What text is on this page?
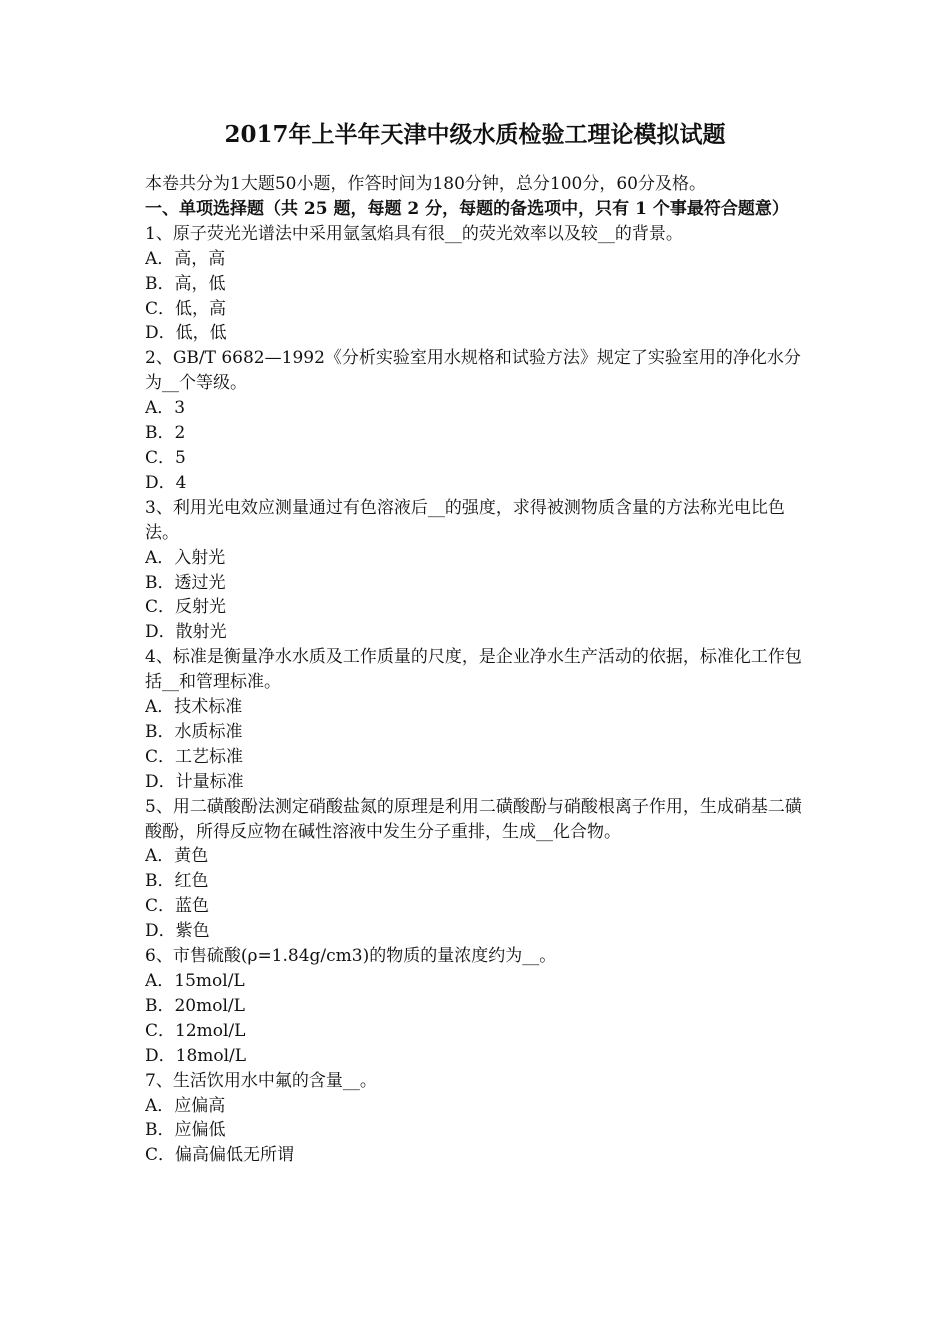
2017年上半年天津中级水质检验工理论模拟试题

本卷共分为1大题50小题，作答时间为180分钟，总分100分，60分及格。

一、单项选择题（共 25 题，每题 2 分，每题的备选项中，只有 1 个事最符合题意）

1、原子荧光光谱法中采用氩氢焰具有很__的荧光效率以及较__的背景。

A．高，高

B．高，低

C．低，高

D．低，低

2、GB/T 6682—1992《分析实验室用水规格和试验方法》规定了实验室用的净化水分为__个等级。

A．3

B．2

C．5

D．4

3、利用光电效应测量通过有色溶液后__的强度，求得被测物质含量的方法称光电比色法。

A．入射光

B．透过光

C．反射光

D．散射光

4、标准是衡量净水水质及工作质量的尺度，是企业净水生产活动的依据，标准化工作包括__和管理标准。

A．技术标准

B．水质标准

C．工艺标准

D．计量标准

5、用二磺酸酚法测定硝酸盐氮的原理是利用二磺酸酚与硝酸根离子作用，生成硝基二磺酸酚，所得反应物在碱性溶液中发生分子重排，生成__化合物。

A．黄色

B．红色

C．蓝色

D．紫色

6、市售硫酸(ρ=1.84g/cm3)的物质的量浓度约为__。

A．15mol/L

B．20mol/L

C．12mol/L

D．18mol/L

7、生活饮用水中氟的含量__。

A．应偏高

B．应偏低

C．偏高偏低无所谓
